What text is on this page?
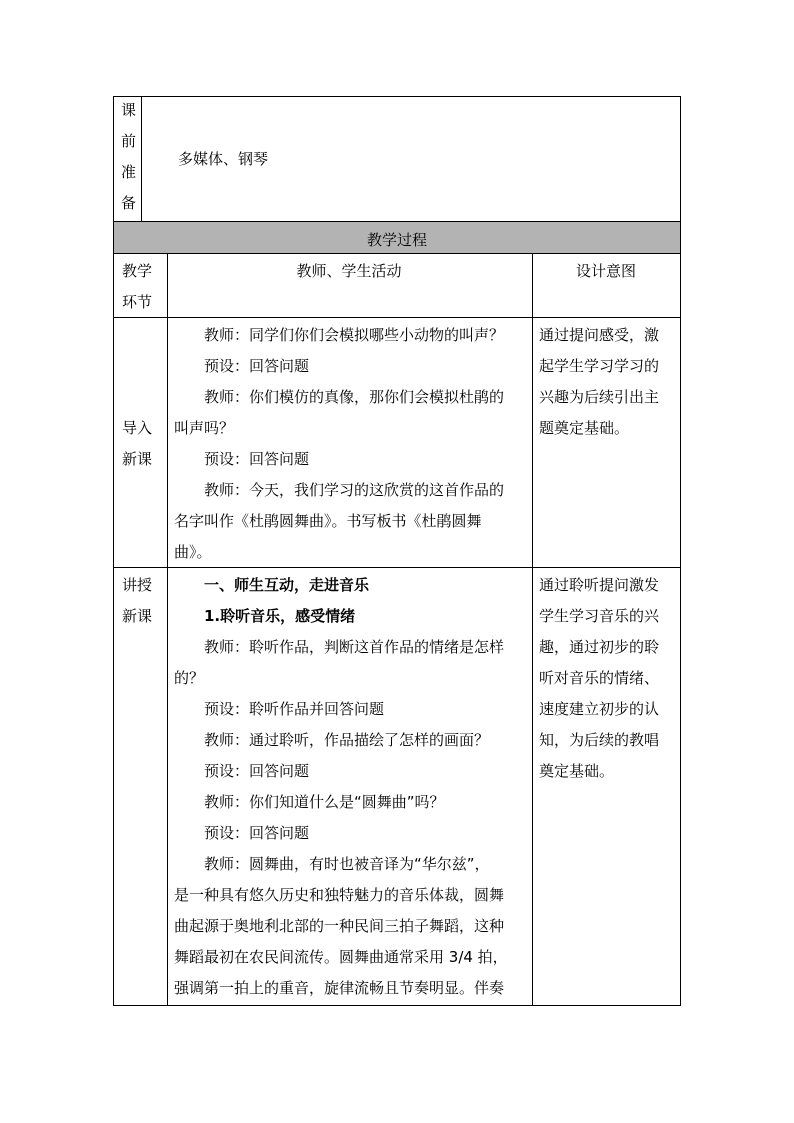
课
前
准
备
多媒体、钢琴
教学过程
教学
环节
教师、学生活动	设计意图
导入
新课
　　教师：同学们你们会模拟哪些小动物的叫声？
　　预设：回答问题
　　教师：你们模仿的真像，那你们会模拟杜鹃的
叫声吗？
　　预设：回答问题
　　教师：今天，我们学习的这欣赏的这首作品的
名字叫作《杜鹃圆舞曲》。书写板书《杜鹃圆舞
曲》。
通过提问感受，激
起学生学习学习的
兴趣为后续引出主
题奠定基础。
讲授
新课
　　一、师生互动，走进音乐
　　1.聆听音乐，感受情绪
　　教师：聆听作品，判断这首作品的情绪是怎样
的？
　　预设：聆听作品并回答问题
　　教师：通过聆听，作品描绘了怎样的画面？
　　预设：回答问题
　　教师：你们知道什么是“圆舞曲”吗？
　　预设：回答问题
　　教师：圆舞曲，有时也被音译为“华尔兹”，
是一种具有悠久历史和独特魅力的音乐体裁，圆舞
曲起源于奥地利北部的一种民间三拍子舞蹈，这种
舞蹈最初在农民间流传。圆舞曲通常采用 3/4 拍，
强调第一拍上的重音，旋律流畅且节奏明显。伴奏
通过聆听提问激发
学生学习音乐的兴
趣，通过初步的聆
听对音乐的情绪、
速度建立初步的认
知，为后续的教唱
奠定基础。
